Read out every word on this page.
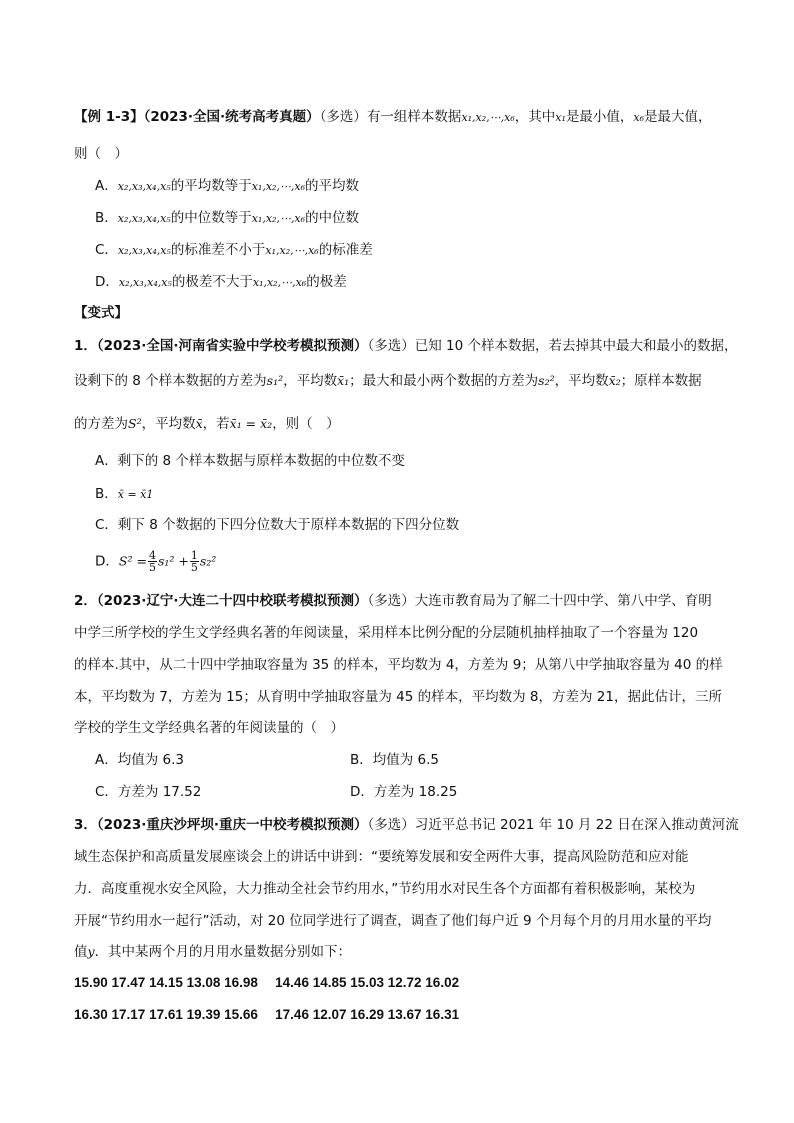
【例 1-3】（2023·全国·统考高考真题）（多选）有一组样本数据x₁,x₂,⋯,x₆，其中x₁是最小值，x₆是最大值，
则（　）
A．x₂,x₃,x₄,x₅的平均数等于x₁,x₂,⋯,x₆的平均数
B．x₂,x₃,x₄,x₅的中位数等于x₁,x₂,⋯,x₆的中位数
C．x₂,x₃,x₄,x₅的标准差不小于x₁,x₂,⋯,x₆的标准差
D．x₂,x₃,x₄,x₅的极差不大于x₁,x₂,⋯,x₆的极差
【变式】
1．（2023·全国·河南省实验中学校考模拟预测）（多选）已知 10 个样本数据，若去掉其中最大和最小的数据，
设剩下的 8 个样本数据的方差为s₁²，平均数x̄₁；最大和最小两个数据的方差为s₂²，平均数x̄₂；原样本数据
的方差为S²，平均数x̄，若x̄₁ = x̄₂，则（　）
A．剩下的 8 个样本数据与原样本数据的中位数不变
B．x̄ = x̄1
C．剩下 8 个数据的下四分位数大于原样本数据的下四分位数
D．$S^2 = \frac{4}{5} s_1^2 + \frac{1}{5} s_2^2$
2．（2023·辽宁·大连二十四中校联考模拟预测）（多选）大连市教育局为了解二十四中学、第八中学、育明
中学三所学校的学生文学经典名著的年阅读量，采用样本比例分配的分层随机抽样抽取了一个容量为 120
的样本.其中，从二十四中学抽取容量为 35 的样本，平均数为 4，方差为 9；从第八中学抽取容量为 40 的样
本，平均数为 7，方差为 15；从育明中学抽取容量为 45 的样本，平均数为 8，方差为 21，据此估计，三所
学校的学生文学经典名著的年阅读量的（　）
A．均值为 6.3	B．均值为 6.5
C．方差为 17.52	D．方差为 18.25
3．（2023·重庆沙坪坝·重庆一中校考模拟预测）（多选）习近平总书记 2021 年 10 月 22 日在深入推动黄河流
域生态保护和高质量发展座谈会上的讲话中讲到：“要统筹发展和安全两件大事，提高风险防范和应对能
力．高度重视水安全风险，大力推动全社会节约用水，”节约用水对民生各个方面都有着积极影响，某校为
开展“节约用水一起行”活动，对 20 位同学进行了调查，调查了他们每户近 9 个月每个月的月用水量的平均
值y．其中某两个月的月用水量数据分别如下：
15.90 17.47 14.15 13.08 16.98　 14.46 14.85 15.03 12.72 16.02
16.30 17.17 17.61 19.39 15.66　 17.46 12.07 16.29 13.67 16.31
